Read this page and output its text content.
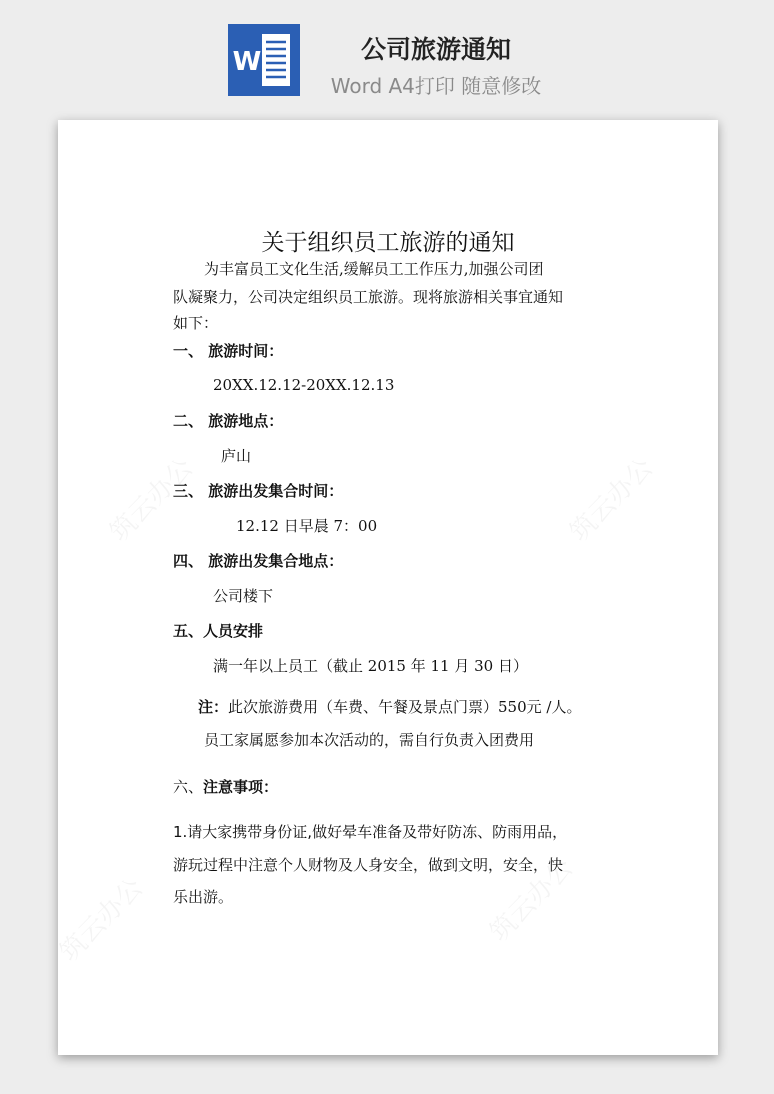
W	公司旅游通知
Word A4打印 随意修改
关于组织员工旅游的通知
为丰富员工文化生活,缓解员工工作压力,加强公司团
队凝聚力，公司决定组织员工旅游。现将旅游相关事宜通知
如下：
一、 旅游时间：
20XX.12.12-20XX.12.13
二、 旅游地点：
庐山
三、 旅游出发集合时间：
12.12 日早晨 7：00
四、 旅游出发集合地点：
公司楼下
五、人员安排
满一年以上员工（截止 2015 年 11 月 30 日）
注：此次旅游费用（车费、午餐及景点门票）550元 /人。
员工家属愿参加本次活动的，需自行负责入团费用
六、注意事项：
1.请大家携带身份证,做好晕车准备及带好防冻、防雨用品，
游玩过程中注意个人财物及人身安全，做到文明，安全，快
乐出游。
